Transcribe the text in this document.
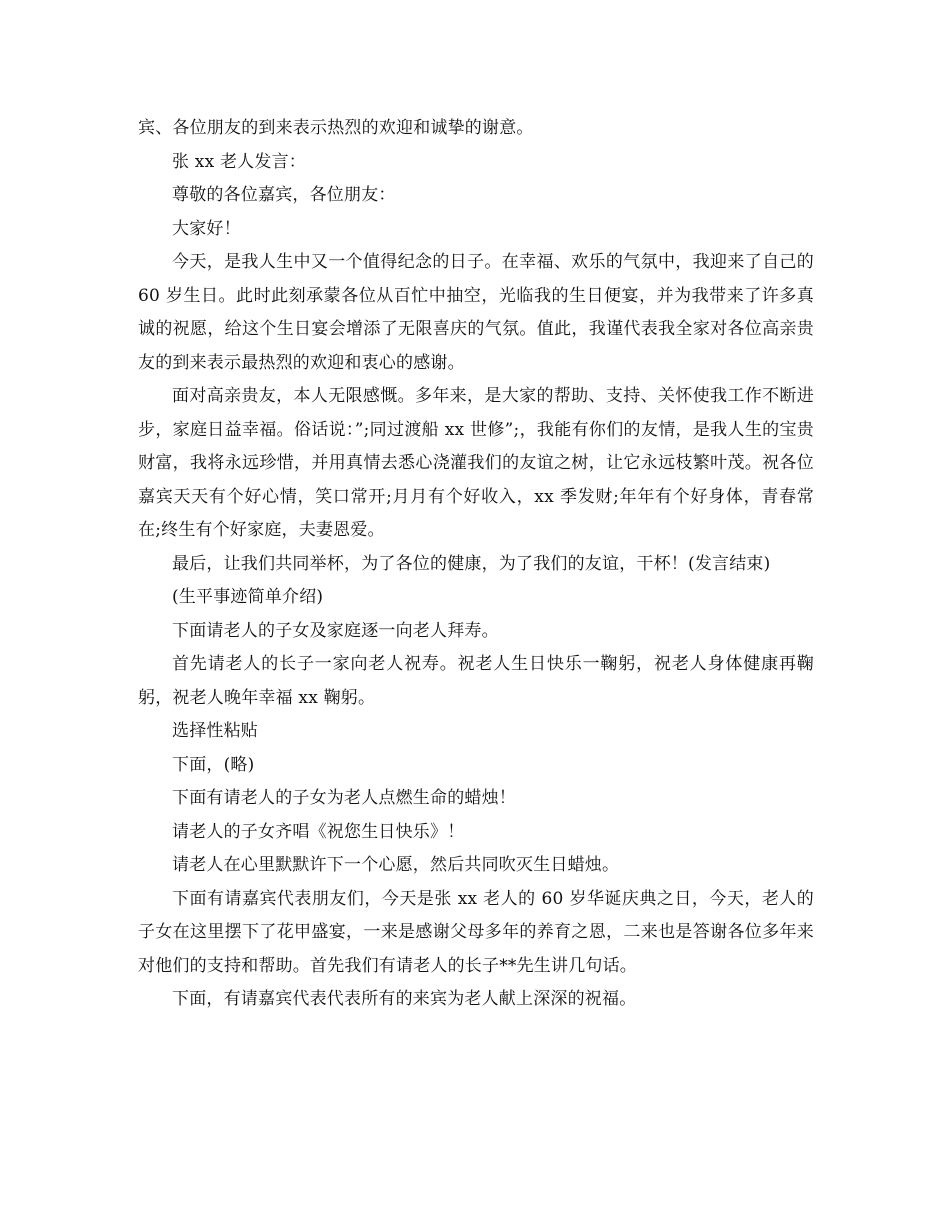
宾、各位朋友的到来表示热烈的欢迎和诚挚的谢意。

张 xx 老人发言：

尊敬的各位嘉宾，各位朋友：

大家好！

今天，是我人生中又一个值得纪念的日子。在幸福、欢乐的气氛中，我迎来了自己的 60 岁生日。此时此刻承蒙各位从百忙中抽空，光临我的生日便宴，并为我带来了许多真诚的祝愿，给这个生日宴会增添了无限喜庆的气氛。值此，我谨代表我全家对各位高亲贵友的到来表示最热烈的欢迎和衷心的感谢。

面对高亲贵友，本人无限感慨。多年来，是大家的帮助、支持、关怀使我工作不断进步，家庭日益幸福。俗话说：”;同过渡船 xx 世修”;，我能有你们的友情，是我人生的宝贵财富，我将永远珍惜，并用真情去悉心浇灌我们的友谊之树，让它永远枝繁叶茂。祝各位嘉宾天天有个好心情，笑口常开;月月有个好收入，xx 季发财;年年有个好身体，青春常在;终生有个好家庭，夫妻恩爱。

最后，让我们共同举杯，为了各位的健康，为了我们的友谊，干杯！(发言结束)

(生平事迹简单介绍)

下面请老人的子女及家庭逐一向老人拜寿。

首先请老人的长子一家向老人祝寿。祝老人生日快乐一鞠躬，祝老人身体健康再鞠躬，祝老人晚年幸福 xx 鞠躬。

选择性粘贴

下面，(略)

下面有请老人的子女为老人点燃生命的蜡烛！

请老人的子女齐唱《祝您生日快乐》！

请老人在心里默默许下一个心愿，然后共同吹灭生日蜡烛。

下面有请嘉宾代表朋友们，今天是张 xx 老人的 60 岁华诞庆典之日，今天，老人的子女在这里摆下了花甲盛宴，一来是感谢父母多年的养育之恩，二来也是答谢各位多年来对他们的支持和帮助。首先我们有请老人的长子**先生讲几句话。

下面，有请嘉宾代表代表所有的来宾为老人献上深深的祝福。
